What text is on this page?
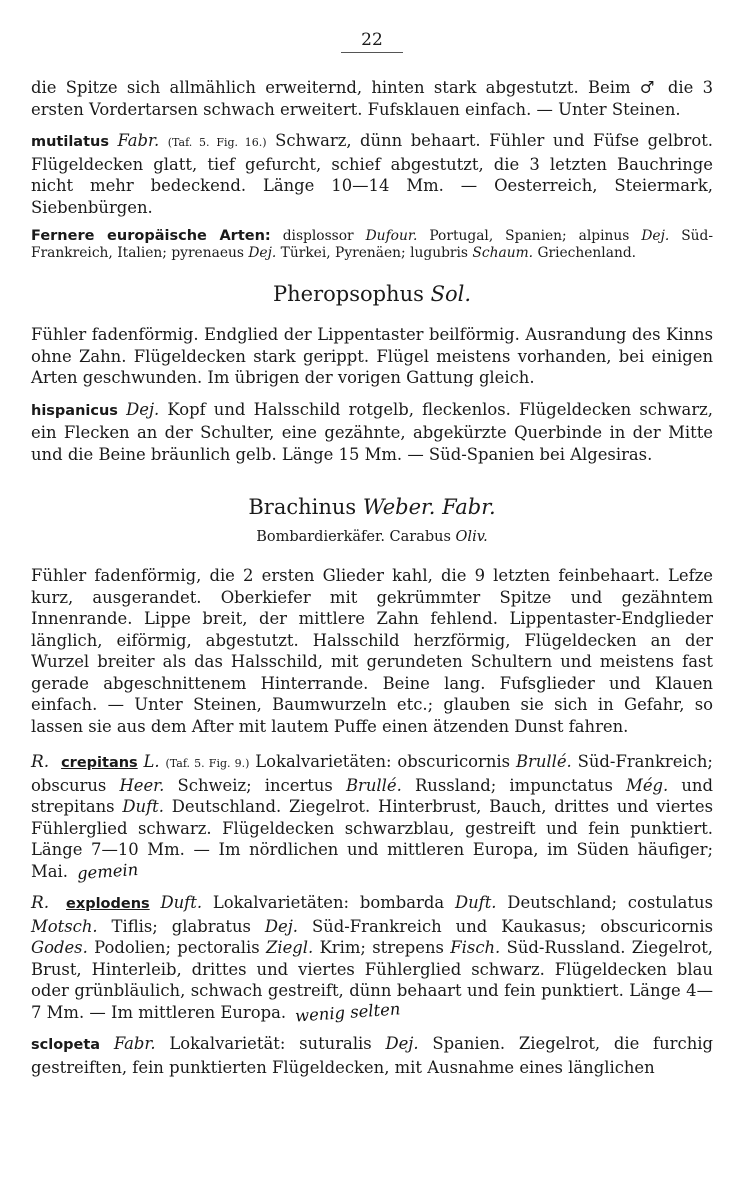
22

die Spitze sich allmählich erweiternd, hinten stark abgestutzt. Beim ♂ die 3 ersten Vordertarsen schwach erweitert. Fufsklauen einfach. — Unter Steinen.

mutilatus Fabr. (Taf. 5. Fig. 16.) Schwarz, dünn behaart. Fühler und Füfse gelbrot. Flügeldecken glatt, tief gefurcht, schief abgestutzt, die 3 letzten Bauchringe nicht mehr bedeckend. Länge 10—14 Mm. — Oesterreich, Steiermark, Siebenbürgen.

Fernere europäische Arten: displossor Dufour. Portugal, Spanien; alpinus Dej. Süd-Frankreich, Italien; pyrenaeus Dej. Türkei, Pyrenäen; lugubris Schaum. Griechenland.

Pheropsophus Sol.

Fühler fadenförmig. Endglied der Lippentaster beilförmig. Ausrandung des Kinns ohne Zahn. Flügeldecken stark gerippt. Flügel meistens vorhanden, bei einigen Arten geschwunden. Im übrigen der vorigen Gattung gleich.

hispanicus Dej. Kopf und Halsschild rotgelb, fleckenlos. Flügeldecken schwarz, ein Flecken an der Schulter, eine gezähnte, abgekürzte Querbinde in der Mitte und die Beine bräunlich gelb. Länge 15 Mm. — Süd-Spanien bei Algesiras.

Brachinus Weber. Fabr.
Bombardierkäfer. Carabus Oliv.

Fühler fadenförmig, die 2 ersten Glieder kahl, die 9 letzten feinbehaart. Lefze kurz, ausgerandet. Oberkiefer mit gekrümmter Spitze und gezähntem Innenrande. Lippe breit, der mittlere Zahn fehlend. Lippentaster-Endglieder länglich, eiförmig, abgestutzt. Halsschild herzförmig, Flügeldecken an der Wurzel breiter als das Halsschild, mit gerundeten Schultern und meistens fast gerade abgeschnittenem Hinterrande. Beine lang. Fufsglieder und Klauen einfach. — Unter Steinen, Baumwurzeln etc.; glauben sie sich in Gefahr, so lassen sie aus dem After mit lautem Puffe einen ätzenden Dunst fahren.

R. crepitans L. (Taf. 5. Fig. 9.) Lokalvarietäten: obscuricornis Brullé. Süd-Frankreich; obscurus Heer. Schweiz; incertus Brullé. Russland; impunctatus Még. und strepitans Duft. Deutschland. Ziegelrot. Hinterbrust, Bauch, drittes und viertes Fühlerglied schwarz. Flügeldecken schwarzblau, gestreift und fein punktiert. Länge 7—10 Mm. — Im nördlichen und mittleren Europa, im Süden häufiger; Mai. gemein

R. explodens Duft. Lokalvarietäten: bombarda Duft. Deutschland; costulatus Motsch. Tiflis; glabratus Dej. Süd-Frankreich und Kaukasus; obscuricornis Godes. Podolien; pectoralis Ziegl. Krim; strepens Fisch. Süd-Russland. Ziegelrot, Brust, Hinterleib, drittes und viertes Fühlerglied schwarz. Flügeldecken blau oder grünbläulich, schwach gestreift, dünn behaart und fein punktiert. Länge 4—7 Mm. — Im mittleren Europa. wenig selten

sclopeta Fabr. Lokalvarietät: suturalis Dej. Spanien. Ziegelrot, die furchig gestreiften, fein punktierten Flügeldecken, mit Ausnahme eines länglichen
